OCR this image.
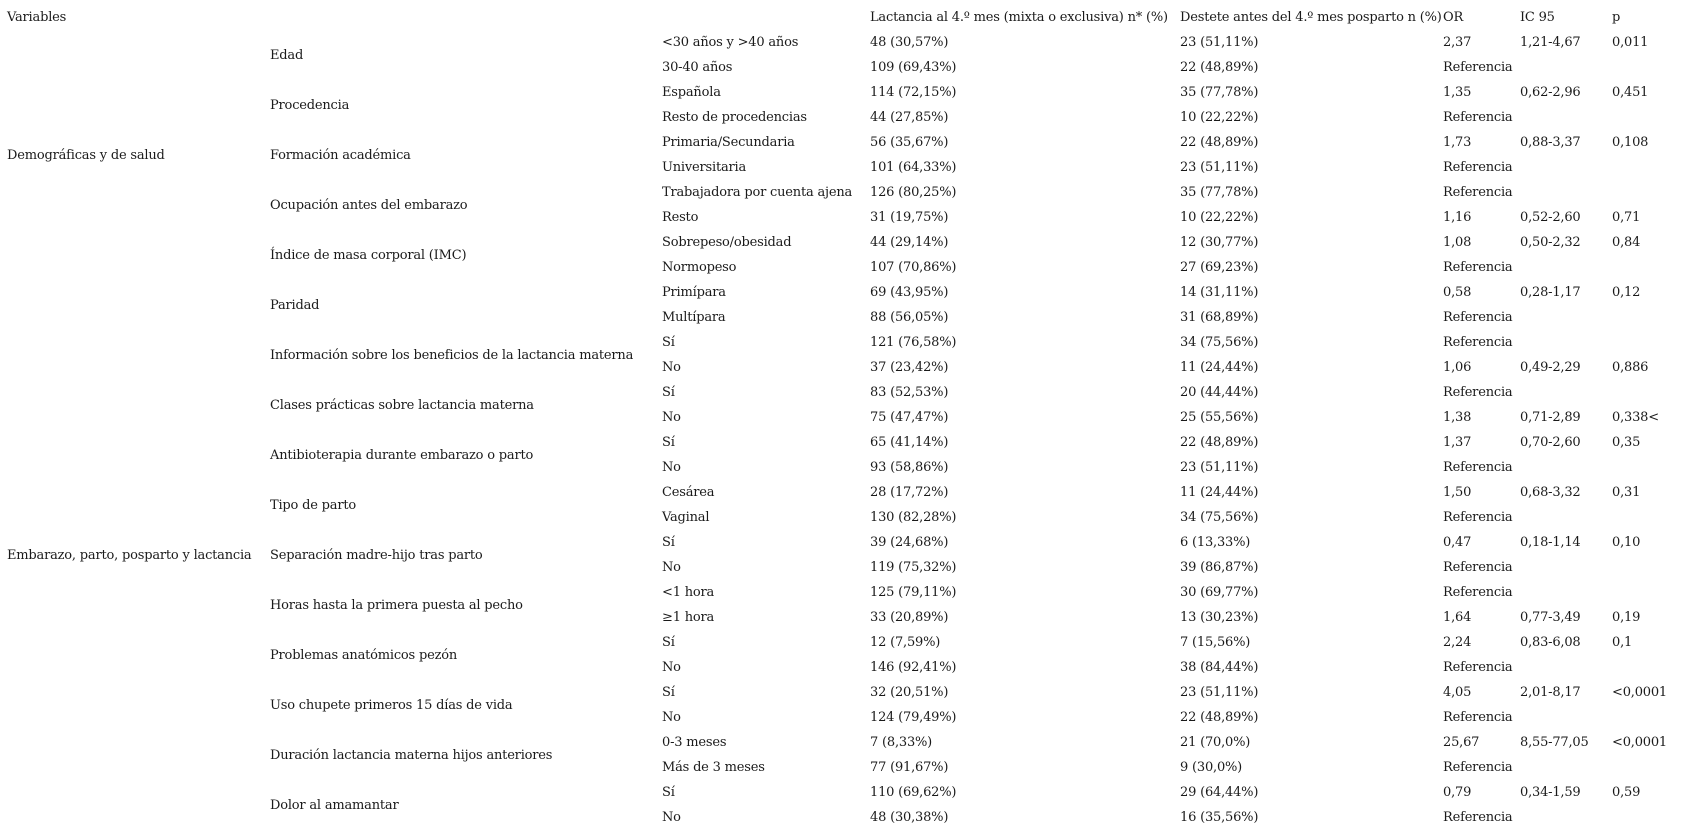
Variables			Lactancia al 4.º mes (mixta o exclusiva) n* (%)	Destete antes del 4.º mes posparto n (%)	OR	IC 95	p
Demográficas y de salud	Edad	<30 años y >40 años	48 (30,57%)	23 (51,11%)	2,37	1,21-4,67	0,011
		30-40 años	109 (69,43%)	22 (48,89%)	Referencia		
	Procedencia	Española	114 (72,15%)	35 (77,78%)	1,35	0,62-2,96	0,451
		Resto de procedencias	44 (27,85%)	10 (22,22%)	Referencia		
	Formación académica	Primaria/Secundaria	56 (35,67%)	22 (48,89%)	1,73	0,88-3,37	0,108
		Universitaria	101 (64,33%)	23 (51,11%)	Referencia		
	Ocupación antes del embarazo	Trabajadora por cuenta ajena	126 (80,25%)	35 (77,78%)	Referencia		
		Resto	31 (19,75%)	10 (22,22%)	1,16	0,52-2,60	0,71
	Índice de masa corporal (IMC)	Sobrepeso/obesidad	44 (29,14%)	12 (30,77%)	1,08	0,50-2,32	0,84
		Normopeso	107 (70,86%)	27 (69,23%)	Referencia		
Embarazo, parto, posparto y lactancia	Paridad	Primípara	69 (43,95%)	14 (31,11%)	0,58	0,28-1,17	0,12
		Multípara	88 (56,05%)	31 (68,89%)	Referencia		
	Información sobre los beneficios de la lactancia materna	Sí	121 (76,58%)	34 (75,56%)	Referencia		
		No	37 (23,42%)	11 (24,44%)	1,06	0,49-2,29	0,886
	Clases prácticas sobre lactancia materna	Sí	83 (52,53%)	20 (44,44%)	Referencia		
		No	75 (47,47%)	25 (55,56%)	1,38	0,71-2,89	0,338<
	Antibioterapia durante embarazo o parto	Sí	65 (41,14%)	22 (48,89%)	1,37	0,70-2,60	0,35
		No	93 (58,86%)	23 (51,11%)	Referencia		
	Tipo de parto	Cesárea	28 (17,72%)	11 (24,44%)	1,50	0,68-3,32	0,31
		Vaginal	130 (82,28%)	34 (75,56%)	Referencia		
	Separación madre-hijo tras parto	Sí	39 (24,68%)	6 (13,33%)	0,47	0,18-1,14	0,10
		No	119 (75,32%)	39 (86,87%)	Referencia		
	Horas hasta la primera puesta al pecho	<1 hora	125 (79,11%)	30 (69,77%)	Referencia		
		≥1 hora	33 (20,89%)	13 (30,23%)	1,64	0,77-3,49	0,19
	Problemas anatómicos pezón	Sí	12 (7,59%)	7 (15,56%)	2,24	0,83-6,08	0,1
		No	146 (92,41%)	38 (84,44%)	Referencia		
	Uso chupete primeros 15 días de vida	Sí	32 (20,51%)	23 (51,11%)	4,05	2,01-8,17	<0,0001
		No	124 (79,49%)	22 (48,89%)	Referencia		
	Duración lactancia materna hijos anteriores	0-3 meses	7 (8,33%)	21 (70,0%)	25,67	8,55-77,05	<0,0001
		Más de 3 meses	77 (91,67%)	9 (30,0%)	Referencia		
	Dolor al amamantar	Sí	110 (69,62%)	29 (64,44%)	0,79	0,34-1,59	0,59
		No	48 (30,38%)	16 (35,56%)	Referencia		
